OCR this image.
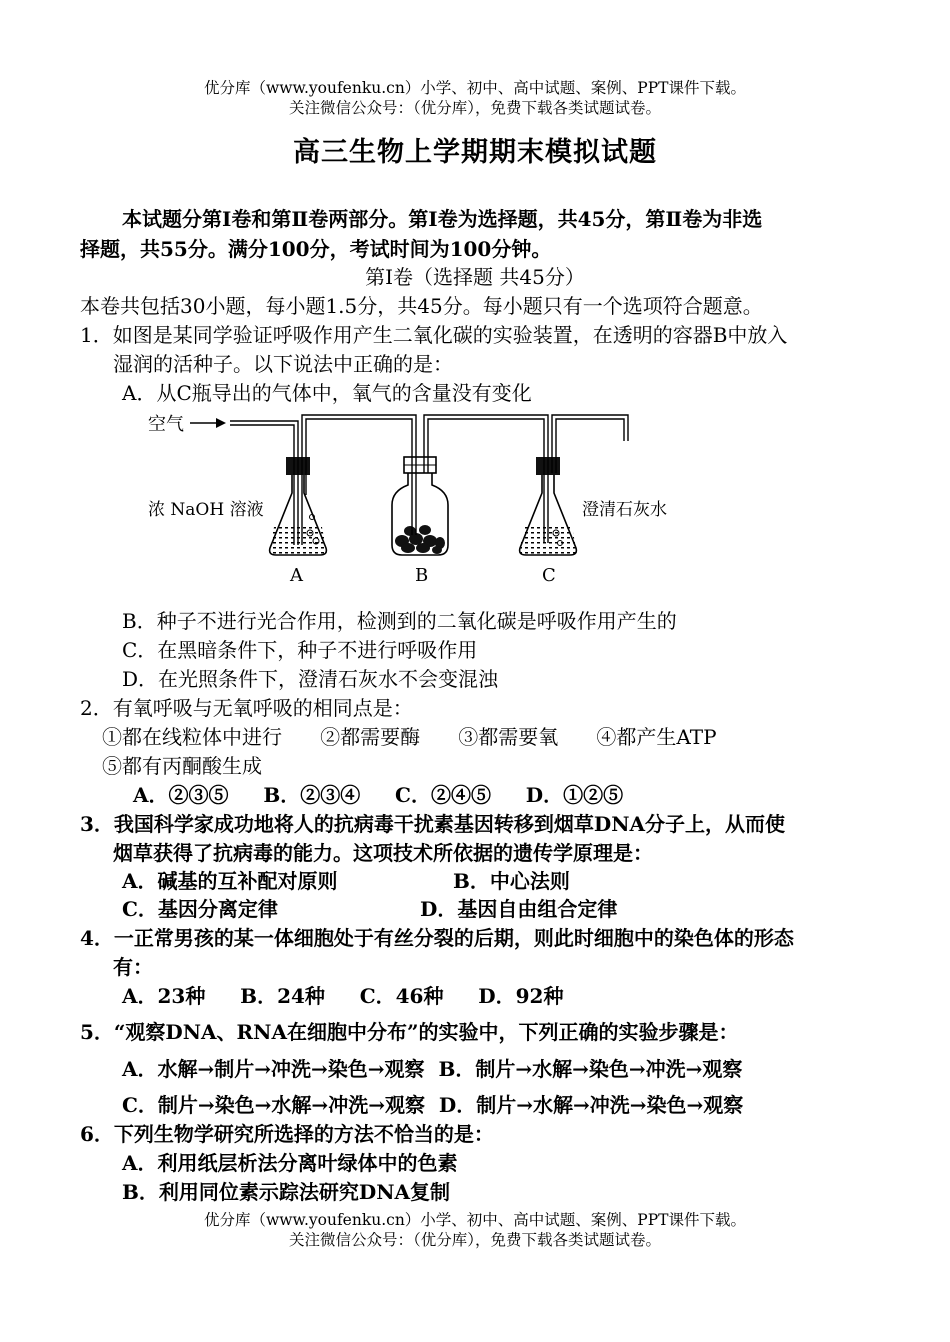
优分库（www.youfenku.cn）小学、初中、高中试题、案例、PPT课件下载。
关注微信公众号：（优分库），免费下载各类试题试卷。
高三生物上学期期末模拟试题
本试题分第Ⅰ卷和第Ⅱ卷两部分。第Ⅰ卷为选择题，共45分，第Ⅱ卷为非选
择题，共55分。满分100分，考试时间为100分钟。
第Ⅰ卷（选择题 共45分）
本卷共包括30小题，每小题1.5分，共45分。每小题只有一个选项符合题意。
1．如图是某同学验证呼吸作用产生二氧化碳的实验装置，在透明的容器B中放入
湿润的活种子。以下说法中正确的是：
A．从C瓶导出的气体中，氧气的含量没有变化
空气
浓 NaOH 溶液	澄清石灰水
A	B	C
B．种子不进行光合作用，检测到的二氧化碳是呼吸作用产生的
C．在黑暗条件下，种子不进行呼吸作用
D．在光照条件下，澄清石灰水不会变混浊
2．有氧呼吸与无氧呼吸的相同点是：
①都在线粒体中进行      ②都需要酶      ③都需要氧      ④都产生ATP
⑤都有丙酮酸生成
A．②③⑤     B．②③④     C．②④⑤     D．①②⑤
3．我国科学家成功地将人的抗病毒干扰素基因转移到烟草DNA分子上，从而使
烟草获得了抗病毒的能力。这项技术所依据的遗传学原理是：
A．碱基的互补配对原则	B．中心法则
C．基因分离定律	D．基因自由组合定律
4．一正常男孩的某一体细胞处于有丝分裂的后期，则此时细胞中的染色体的形态
有：
A．23种     B．24种     C．46种     D．92种
5．“观察DNA、RNA在细胞中分布”的实验中，下列正确的实验步骤是：
A．水解→制片→冲洗→染色→观察  B．制片→水解→染色→冲洗→观察
C．制片→染色→水解→冲洗→观察  D．制片→水解→冲洗→染色→观察
6．下列生物学研究所选择的方法不恰当的是：
A．利用纸层析法分离叶绿体中的色素
B．利用同位素示踪法研究DNA复制
优分库（www.youfenku.cn）小学、初中、高中试题、案例、PPT课件下载。
关注微信公众号：（优分库），免费下载各类试题试卷。
